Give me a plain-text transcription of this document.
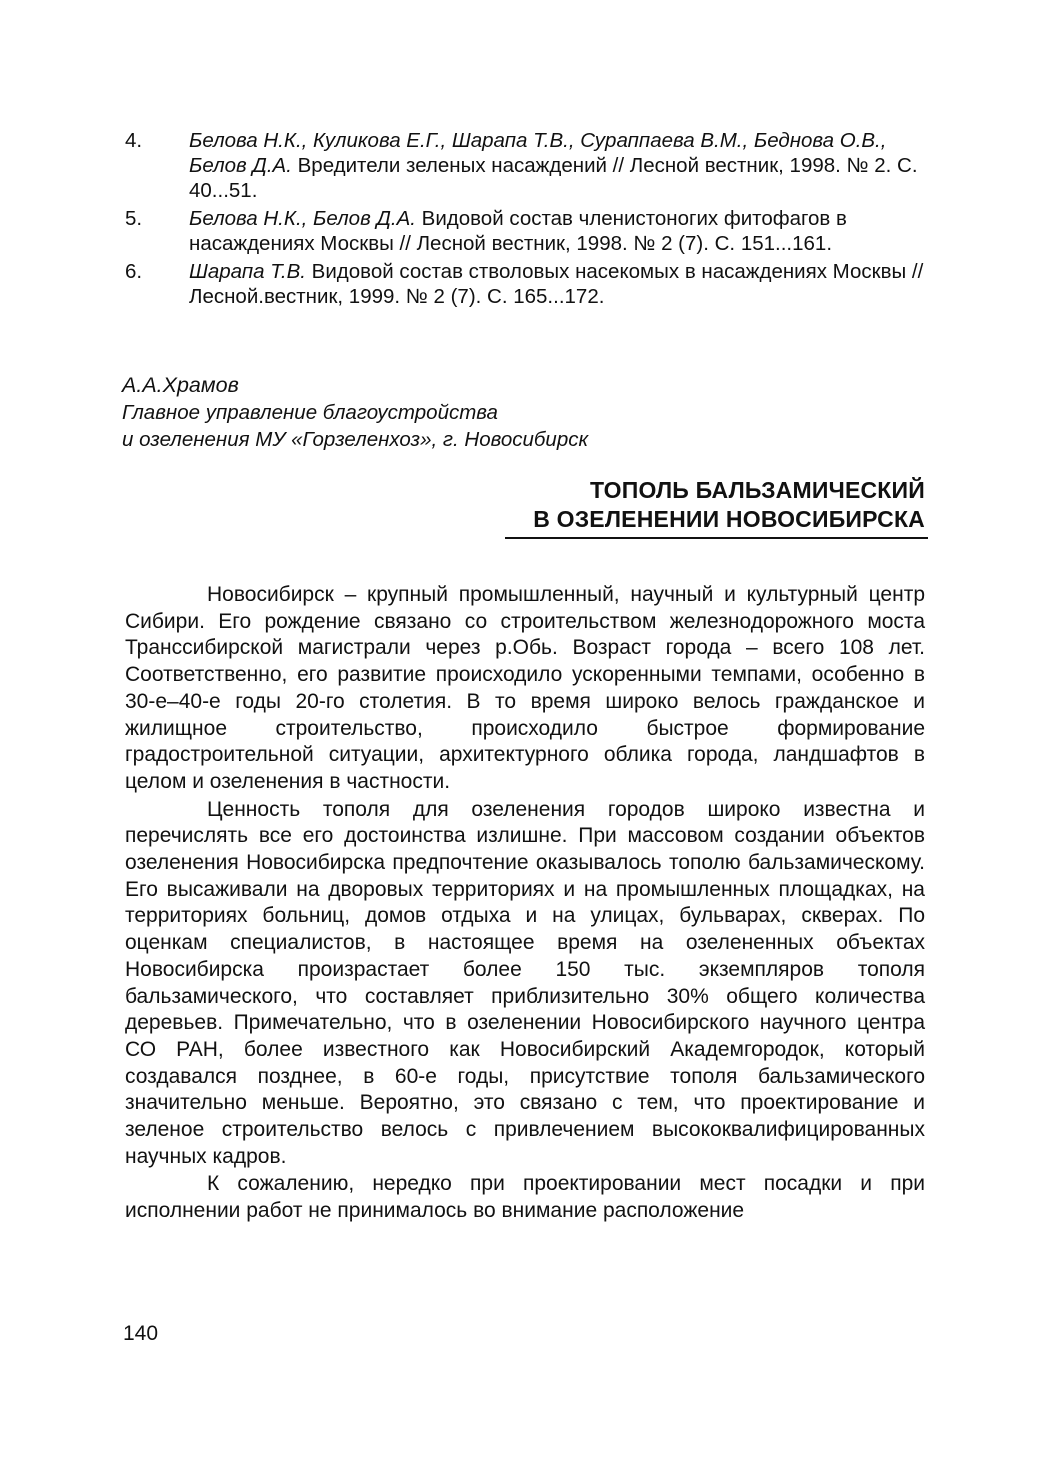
4. Белова Н.К., Куликова Е.Г., Шарапа Т.В., Сураппаева В.М., Беднова О.В., Белов Д.А. Вредители зеленых насаждений // Лесной вестник, 1998. № 2. С. 40...51.
5. Белова Н.К., Белов Д.А. Видовой состав членистоногих фитофагов в насаждениях Москвы // Лесной вестник, 1998. № 2 (7). С. 151...161.
6. Шарапа Т.В. Видовой состав стволовых насекомых в насаждениях Москвы // Лесной.вестник, 1999. № 2 (7). С. 165...172.
А.А.Храмов
Главное управление благоустройства
и озеленения МУ «Горзеленхоз», г. Новосибирск
ТОПОЛЬ БАЛЬЗАМИЧЕСКИЙ
В ОЗЕЛЕНЕНИИ НОВОСИБИРСКА

Новосибирск – крупный промышленный, научный и культурный центр Сибири. Его рождение связано со строительством железнодорожного моста Транссибирской магистрали через р.Обь. Возраст города – всего 108 лет. Соответственно, его развитие происходило ускоренными темпами, особенно в 30-е–40-е годы 20-го столетия. В то время широко велось гражданское и жилищное строительство, происходило быстрое формирование градостроительной ситуации, архитектурного облика города, ландшафтов в целом и озеленения в частности.

Ценность тополя для озеленения городов широко известна и перечислять все его достоинства излишне. При массовом создании объектов озеленения Новосибирска предпочтение оказывалось тополю бальзамическому. Его высаживали на дворовых территориях и на промышленных площадках, на территориях больниц, домов отдыха и на улицах, бульварах, скверах. По оценкам специалистов, в настоящее время на озелененных объектах Новосибирска произрастает более 150 тыс. экземпляров тополя бальзамического, что составляет приблизительно 30% общего количества деревьев. Примечательно, что в озеленении Новосибирского научного центра СО РАН, более известного как Новосибирский Академгородок, который создавался позднее, в 60-е годы, присутствие тополя бальзамического значительно меньше. Вероятно, это связано с тем, что проектирование и зеленое строительство велось с привлечением высококвалифицированных научных кадров.

К сожалению, нередко при проектировании мест посадки и при исполнении работ не принималось во внимание расположение

140
